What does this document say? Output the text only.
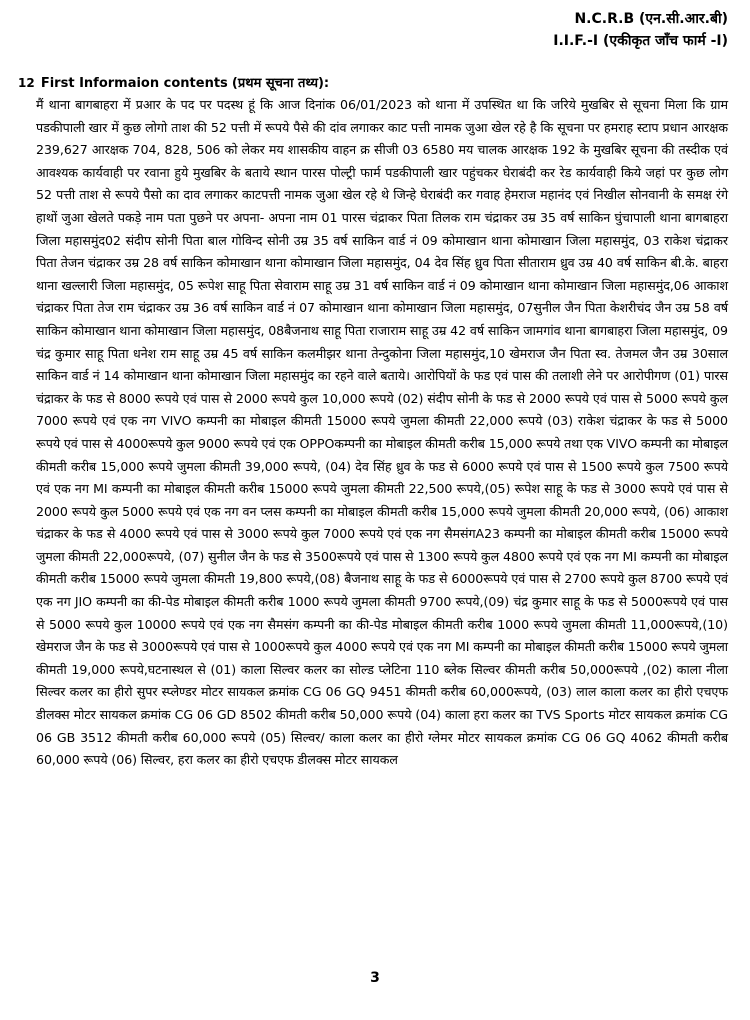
N.C.R.B (एन.सी.आर.बी)
I.I.F.-I (एकीकृत जाँच फार्म -I)
12 First Informaion contents (प्रथम सूचना तथ्य):
मैं थाना बागबाहरा में प्रआर के पद पर पदस्थ हूं कि आज दिनांक 06/01/2023 को थाना में उपस्थित था कि जरिये मुखबिर से सूचना मिला कि ग्राम पडकीपाली खार में कुछ लोगो ताश की 52 पत्ती में रूपये पैसे की दांव लगाकर काट पत्ती नामक जुआ खेल रहे है कि सूचना पर हमराह स्टाप प्रधान आरक्षक 239,627 आरक्षक 704, 828, 506 को लेकर मय शासकीय वाहन क्र सीजी 03 6580 मय चालक आरक्षक 192 के मुखबिर सूचना की तस्दीक एवं आवश्यक कार्यवाही पर रवाना हुये मुखबिर के बताये स्थान पारस पोल्ट्री फार्म पडकीपाली खार पहुंचकर घेराबंदी कर रेड कार्यवाही किये जहां पर कुछ लोग 52 पत्ती ताश से रूपये पैसो का दाव लगाकर काटपत्ती नामक जुआ खेल रहे थे जिन्हे घेराबंदी कर गवाह हेमराज महानंद एवं निखील सोनवानी के समक्ष रंगे हाथों जुआ खेलते पकड़े नाम पता पुछने पर अपना- अपना नाम 01 पारस चंद्राकर पिता तिलक राम चंद्राकर उम्र 35 वर्ष साकिन घुंचापाली थाना बागबाहरा जिला महासमुंद02 संदीप सोनी पिता बाल गोविन्द सोनी उम्र 35 वर्ष साकिन वार्ड नं 09 कोमाखान थाना कोमाखान जिला महासमुंद, 03 राकेश चंद्राकर पिता तेजन चंद्राकर उम्र 28 वर्ष साकिन कोमाखान थाना कोमाखान जिला महासमुंद, 04 देव सिंह ध्रुव पिता सीताराम ध्रुव उम्र 40 वर्ष साकिन बी.के. बाहरा थाना खल्लारी जिला महासमुंद, 05 रूपेश साहू पिता सेवाराम साहू उम्र 31 वर्ष साकिन वार्ड नं 09 कोमाखान थाना कोमाखान जिला महासमुंद,06 आकाश चंद्राकर पिता तेज राम चंद्राकर उम्र 36 वर्ष साकिन वार्ड नं 07 कोमाखान थाना कोमाखान जिला महासमुंद, 07सुनील जैन पिता केशरीचंद जैन उम्र 58 वर्ष साकिन कोमाखान थाना कोमाखान जिला महासमुंद, 08बैजनाथ साहू पिता राजाराम साहू उम्र 42 वर्ष साकिन जामगांव थाना बागबाहरा जिला महासमुंद, 09 चंद्र कुमार साहू पिता धनेश राम साहू उम्र 45 वर्ष साकिन कलमीझर थाना तेन्दुकोना जिला महासमुंद,10 खेमराज जैन पिता स्व. तेजमल जैन उम्र 30साल साकिन वार्ड नं 14 कोमाखान थाना कोमाखान जिला महासमुंद का रहने वाले बताये। आरोपियों के फड एवं पास की तलाशी लेने पर आरोपीगण (01) पारस चंद्राकर के फड से 8000 रूपये एवं पास से 2000 रूपये कुल 10,000 रूपये (02) संदीप सोनी के फड से 2000 रूपये एवं पास से 5000 रूपये कुल 7000 रूपये एवं एक नग VIVO कम्पनी का मोबाइल कीमती 15000 रूपये जुमला कीमती 22,000 रूपये (03) राकेश चंद्राकर के फड से 5000 रूपये एवं पास से 4000रूपये कुल 9000 रूपये एवं एक OPPOकम्पनी का मोबाइल कीमती करीब 15,000 रूपये तथा एक VIVO कम्पनी का मोबाइल कीमती करीब 15,000 रूपये जुमला कीमती 39,000 रूपये, (04) देव सिंह ध्रुव के फड से 6000 रूपये एवं पास से 1500 रूपये कुल 7500 रूपये एवं एक नग MI कम्पनी का मोबाइल कीमती करीब 15000 रूपये जुमला कीमती 22,500 रूपये,(05) रूपेश साहू के फड से 3000 रूपये एवं पास से 2000 रूपये कुल 5000 रूपये एवं एक नग वन प्लस कम्पनी का मोबाइल कीमती करीब 15,000 रूपये जुमला कीमती 20,000 रूपये, (06) आकाश चंद्राकर के फड से 4000 रूपये एवं पास से 3000 रूपये कुल 7000 रूपये एवं एक नग सैमसंगA23 कम्पनी का मोबाइल कीमती करीब 15000 रूपये जुमला कीमती 22,000रूपये, (07) सुनील जैन के फड से 3500रूपये एवं पास से 1300 रूपये कुल 4800 रूपये एवं एक नग MI कम्पनी का मोबाइल कीमती करीब 15000 रूपये जुमला कीमती 19,800 रूपये,(08) बैजनाथ साहू के फड से 6000रूपये एवं पास से 2700 रूपये कुल 8700 रूपये एवं एक नग JIO कम्पनी का की-पेड मोबाइल कीमती करीब 1000 रूपये जुमला कीमती 9700 रूपये,(09) चंद्र कुमार साहू के फड से 5000रूपये एवं पास से 5000 रूपये कुल 10000 रूपये एवं एक नग सैमसंग कम्पनी का की-पेड मोबाइल कीमती करीब 1000 रूपये जुमला कीमती 11,000रूपये,(10) खेमराज जैन के फड से 3000रूपये एवं पास से 1000रूपये कुल 4000 रूपये एवं एक नग MI कम्पनी का मोबाइल कीमती करीब 15000 रूपये जुमला कीमती 19,000 रूपये,घटनास्थल से (01) काला सिल्वर कलर का सोल्ड प्लेटिना 110 ब्लेक सिल्वर कीमती करीब 50,000रूपये ,(02) काला नीला सिल्वर कलर का हीरो सुपर स्प्लेण्डर मोटर सायकल क्रमांक CG 06 GQ 9451 कीमती करीब 60,000रूपये, (03) लाल काला कलर का हीरो एचएफ डीलक्स मोटर सायकल क्रमांक CG 06 GD 8502 कीमती करीब 50,000 रूपये (04) काला हरा कलर का TVS Sports मोटर सायकल क्रमांक CG 06 GB 3512 कीमती करीब 60,000 रूपये (05) सिल्वर/ काला कलर का हीरो ग्लेमर मोटर सायकल क्रमांक CG 06 GQ 4062 कीमती करीब 60,000 रूपये (06) सिल्वर, हरा कलर का हीरो एचएफ डीलक्स मोटर सायकल
3
